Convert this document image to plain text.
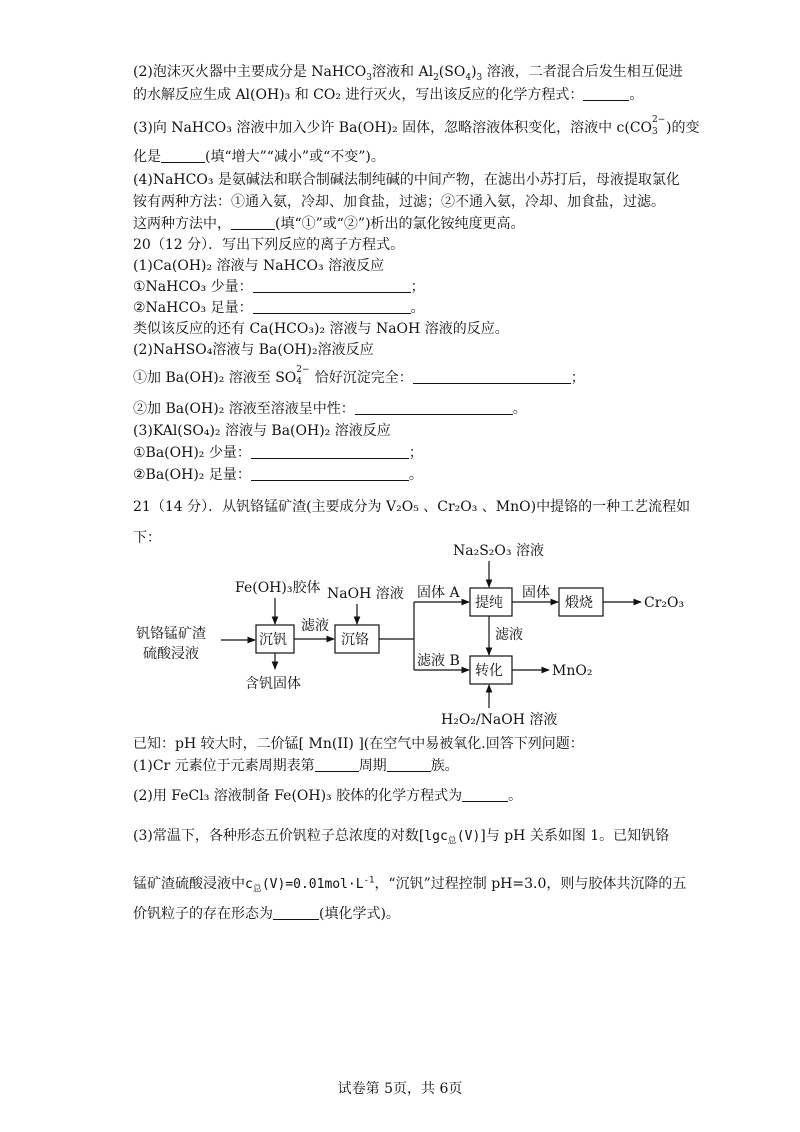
(2)泡沫灭火器中主要成分是 NaHCO$_3$溶液和 $Al_2(SO_4)_3$ 溶液，二者混合后发生相互促进
的水解反应生成 Al(OH)₃ 和 CO₂ 进行灭火，写出该反应的化学方程式：	。
(3)向 NaHCO₃ 溶液中加入少许 Ba(OH)₂ 固体，忽略溶液体积变化，溶液中 c(CO 2−
3 )的变
化是	(填“增大”“减小”或“不变”)。
(4)NaHCO₃ 是氨碱法和联合制碱法制纯碱的中间产物，在滤出小苏打后，母液提取氯化
铵有两种方法：①通入氨，冷却、加食盐，过滤；②不通入氨，冷却、加食盐，过滤。
这两种方法中，	(填“①”或“②”)析出的氯化铵纯度更高。
20（12 分）．写出下列反应的离子方程式。
(1)Ca(OH)₂ 溶液与 NaHCO₃ 溶液反应
①NaHCO₃ 少量：	；
②NaHCO₃ 足量：	。
类似该反应的还有 Ca(HCO₃)₂ 溶液与 NaOH 溶液的反应。
(2)NaHSO₄溶液与 Ba(OH)₂溶液反应
①加 Ba(OH)₂ 溶液至 SO 2−
4 恰好沉淀完全：	；
②加 Ba(OH)₂ 溶液至溶液呈中性：	。
(3)KAl(SO₄)₂ 溶液与 Ba(OH)₂ 溶液反应
①Ba(OH)₂ 少量：	；
②Ba(OH)₂ 足量：	。
21（14 分）．从钒铬锰矿渣(主要成分为 V₂O₅ 、Cr₂O₃ 、MnO)中提铬的一种工艺流程如
下：
钒铬锰矿渣
硫酸浸液
沉钒
Fe(OH)₃胶体
含钒固体
滤液
沉铬
NaOH 溶液 固体 A
滤液 B
Na₂S₂O₃ 溶液
提纯
固体
煅烧	Cr₂O₃
滤液
转化	MnO₂
H₂O₂/NaOH 溶液
已知：pH 较大时，二价锰[ Mn(II) ](在空气中易被氧化.回答下列问题：
(1)Cr 元素位于元素周期表第	周期	族。
(2)用 FeCl₃ 溶液制备 Fe(OH)₃ 胶体的化学方程式为	。
(3)常温下，各种形态五价钒粒子总浓度的对数[lgc$_总$(V)]与 pH 关系如图 1。已知钒铬
锰矿渣硫酸浸液中$c_总(V)=0.01mol\cdot L^{-1}$，“沉钒”过程控制 pH=3.0，则与胶体共沉降的五
价钒粒子的存在形态为	(填化学式)。
试卷第 5页，共 6页
